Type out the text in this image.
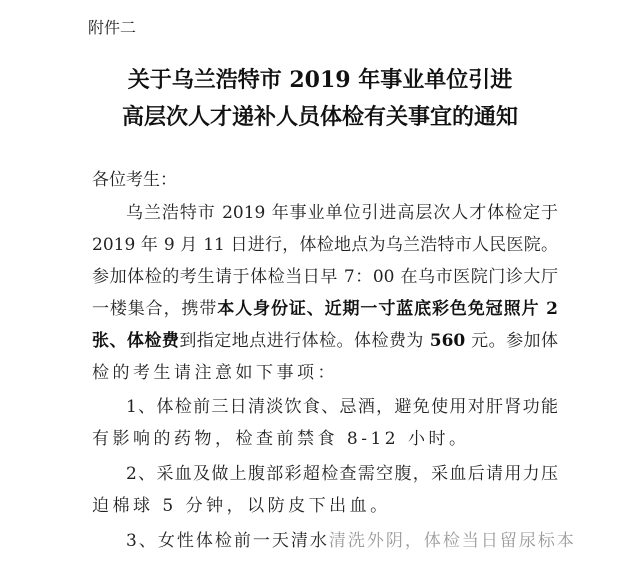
附件二
关于乌兰浩特市 2019 年事业单位引进
高层次人才递补人员体检有关事宜的通知
各位考生：
乌兰浩特市 2019 年事业单位引进高层次人才体检定于
2019 年 9 月 11 日进行，体检地点为乌兰浩特市人民医院。
参加体检的考生请于体检当日早 7：00 在乌市医院门诊大厅
一楼集合，携带本人身份证、近期一寸蓝底彩色免冠照片 2
张、体检费到指定地点进行体检。体检费为 560 元。参加体
检的考生请注意如下事项：
1、体检前三日清淡饮食、忌酒，避免使用对肝肾功能
有影响的药物，检查前禁食 8-12 小时。
2、采血及做上腹部彩超检查需空腹，采血后请用力压
迫棉球 5 分钟，以防皮下出血。
3、女性体检前一天清水清洗外阴，体检当日留尿标本
